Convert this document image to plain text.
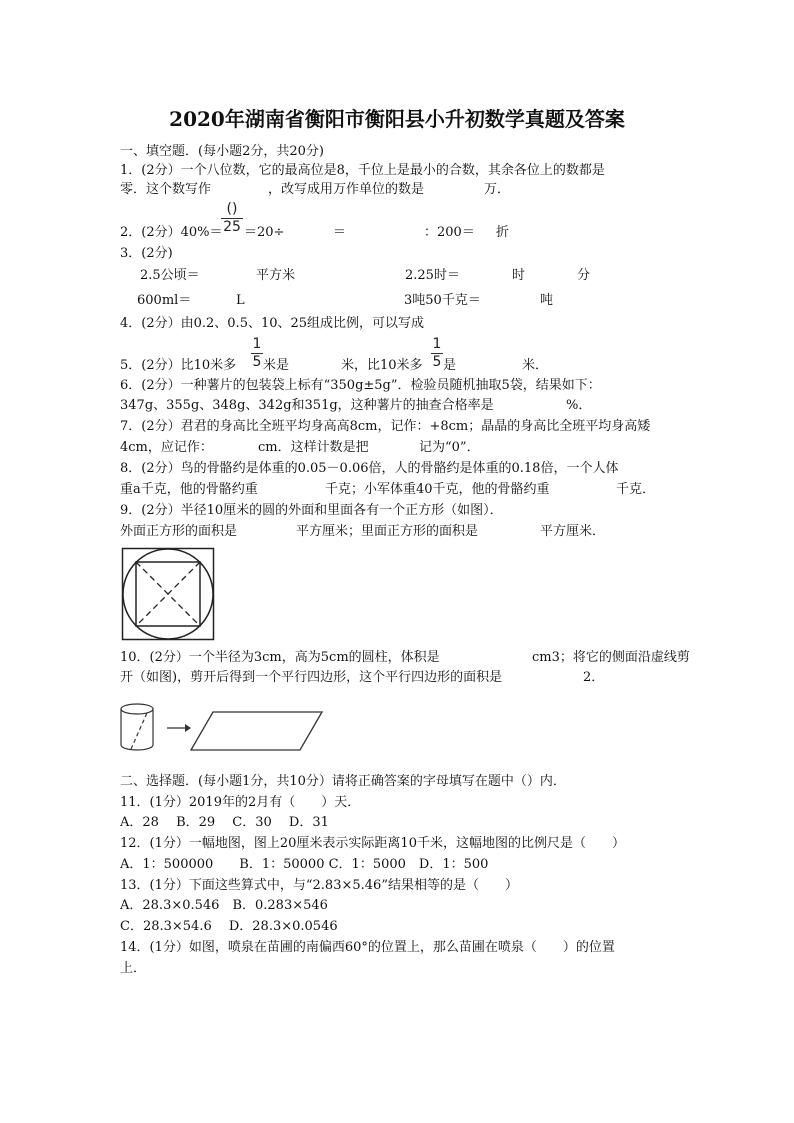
2020年湖南省衡阳市衡阳县小升初数学真题及答案
一、填空题．(每小题2分，共20分)
1．(2分）一个八位数，它的最高位是8，千位上是最小的合数，其余各位上的数都是
零．这个数写作	，改写成用万作单位的数是	万．
2．(2分）40%＝
()
25 ＝20÷	＝	：200＝ 折
3．(2分)
2.5公顷＝	平方米	2.25时＝	时	分
600ml＝	L	3吨50千克＝	吨
4．(2分）由0.2、0.5、10、25组成比例，可以写成
5．(2分）比10米多
1
5 米是	米，比10米多
1
5 是	米．
6．(2分）一种薯片的包装袋上标有“350g±5g”．检验员随机抽取5袋，结果如下：
347g、355g、348g、342g和351g，这种薯片的抽查合格率是	%．
7．(2分）君君的身高比全班平均身高高8cm，记作：+8cm；晶晶的身高比全班平均身高矮
4cm，应记作：	cm．这样计数是把	记为“0”．
8．(2分）鸟的骨骼约是体重的0.05－0.06倍，人的骨骼约是体重的0.18倍，一个人体
重a千克，他的骨骼约重	千克；小军体重40千克，他的骨骼约重	千克．
9．(2分）半径10厘米的圆的外面和里面各有一个正方形（如图）．
外面正方形的面积是	平方厘米；里面正方形的面积是	平方厘米．
10．(2分）一个半径为3cm，高为5cm的圆柱，体积是	cm3；将它的侧面沿虚线剪
开（如图)，剪开后得到一个平行四边形，这个平行四边形的面积是	2．
二、选择题．(每小题1分，共10分）请将正确答案的字母填写在题中（）内．
11．(1分）2019年的2月有（　　）天．
A．28　 B．29　 C．30　 D．31
12．(1分）一幅地图，图上20厘米表示实际距离10千米，这幅地图的比例尺是（　　）
A．1：500000　　B．1：50000 C．1：5000　D．1：500
13．(1分）下面这些算式中，与“2.83×5.46”结果相等的是（　　）
A．28.3×0.546　B．0.283×546
C．28.3×54.6　 D．28.3×0.0546
14．(1分）如图，喷泉在苗圃的南偏西60°的位置上，那么苗圃在喷泉（　　）的位置
上．
